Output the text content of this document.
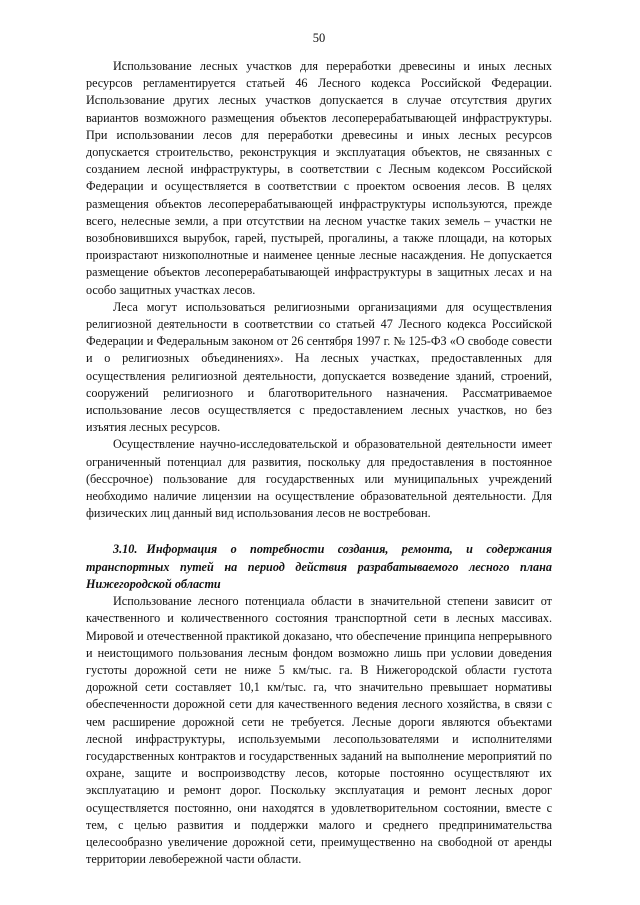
50

Использование лесных участков для переработки древесины и иных лесных ресурсов регламентируется статьей 46 Лесного кодекса Российской Федерации. Использование других лесных участков допускается в случае отсутствия других вариантов возможного размещения объектов лесоперерабатывающей инфраструктуры. При использовании лесов для переработки древесины и иных лесных ресурсов допускается строительство, реконструкция и эксплуатация объектов, не связанных с созданием лесной инфраструктуры, в соответствии с Лесным кодексом Российской Федерации и осуществляется в соответствии с проектом освоения лесов. В целях размещения объектов лесоперерабатывающей инфраструктуры используются, прежде всего, нелесные земли, а при отсутствии на лесном участке таких земель – участки не возобновившихся вырубок, гарей, пустырей, прогалины, а также площади, на которых произрастают низкополнотные и наименее ценные лесные насаждения. Не допускается размещение объектов лесоперерабатывающей инфраструктуры в защитных лесах и на особо защитных участках лесов.

Леса могут использоваться религиозными организациями для осуществления религиозной деятельности в соответствии со статьей 47 Лесного кодекса Российской Федерации и Федеральным законом от 26 сентября 1997 г. № 125-ФЗ «О свободе совести и о религиозных объединениях». На лесных участках, предоставленных для осуществления религиозной деятельности, допускается возведение зданий, строений, сооружений религиозного и благотворительного назначения. Рассматриваемое использование лесов осуществляется с предоставлением лесных участков, но без изъятия лесных ресурсов.

Осуществление научно-исследовательской и образовательной деятельности имеет ограниченный потенциал для развития, поскольку для предоставления в постоянное (бессрочное) пользование для государственных или муниципальных учреждений необходимо наличие лицензии на осуществление образовательной деятельности. Для физических лиц данный вид использования лесов не востребован.

3.10. Информация о потребности создания, ремонта, и содержания транспортных путей на период действия разрабатываемого лесного плана Нижегородской области

Использование лесного потенциала области в значительной степени зависит от качественного и количественного состояния транспортной сети в лесных массивах. Мировой и отечественной практикой доказано, что обеспечение принципа непрерывного и неистощимого пользования лесным фондом возможно лишь при условии доведения густоты дорожной сети не ниже 5 км/тыс. га. В Нижегородской области густота дорожной сети составляет 10,1 км/тыс. га, что значительно превышает нормативы обеспеченности дорожной сети для качественного ведения лесного хозяйства, в связи с чем расширение дорожной сети не требуется. Лесные дороги являются объектами лесной инфраструктуры, используемыми лесопользователями и исполнителями государственных контрактов и государственных заданий на выполнение мероприятий по охране, защите и воспроизводству лесов, которые постоянно осуществляют их эксплуатацию и ремонт дорог. Поскольку эксплуатация и ремонт лесных дорог осуществляется постоянно, они находятся в удовлетворительном состоянии, вместе с тем, с целью развития и поддержки малого и среднего предпринимательства целесообразно увеличение дорожной сети, преимущественно на свободной от аренды территории левобережной части области.
